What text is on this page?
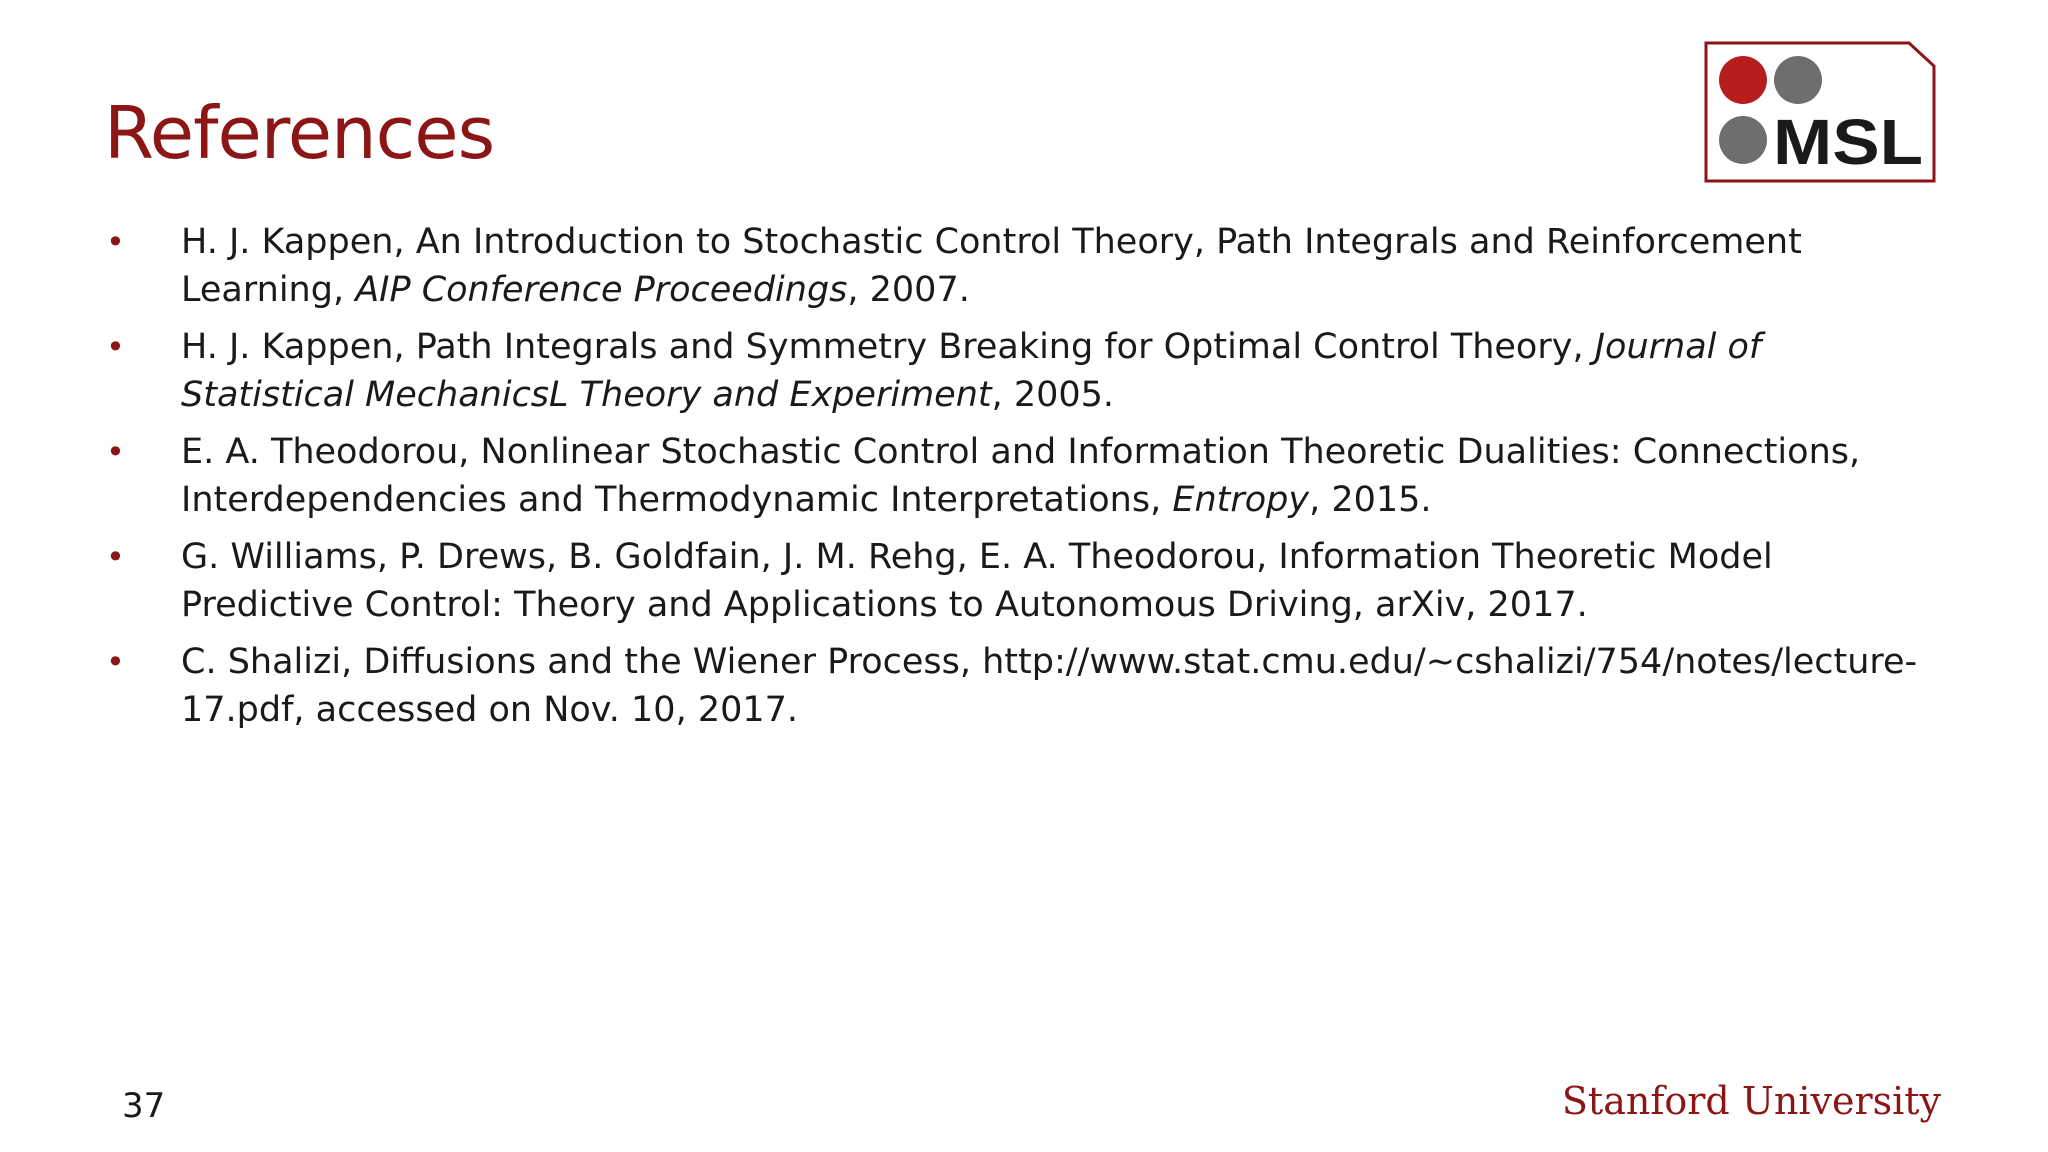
References	MSL
• H. J. Kappen, An Introduction to Stochastic Control Theory, Path Integrals and Reinforcement Learning, AIP Conference Proceedings, 2007.
• H. J. Kappen, Path Integrals and Symmetry Breaking for Optimal Control Theory, Journal of Statistical MechanicsL Theory and Experiment, 2005.
• E. A. Theodorou, Nonlinear Stochastic Control and Information Theoretic Dualities: Connections, Interdependencies and Thermodynamic Interpretations, Entropy, 2015.
• G. Williams, P. Drews, B. Goldfain, J. M. Rehg, E. A. Theodorou, Information Theoretic Model Predictive Control: Theory and Applications to Autonomous Driving, arXiv, 2017.
• C. Shalizi, Diffusions and the Wiener Process, http://www.stat.cmu.edu/~cshalizi/754/notes/lecture-17.pdf, accessed on Nov. 10, 2017.
37	Stanford University
